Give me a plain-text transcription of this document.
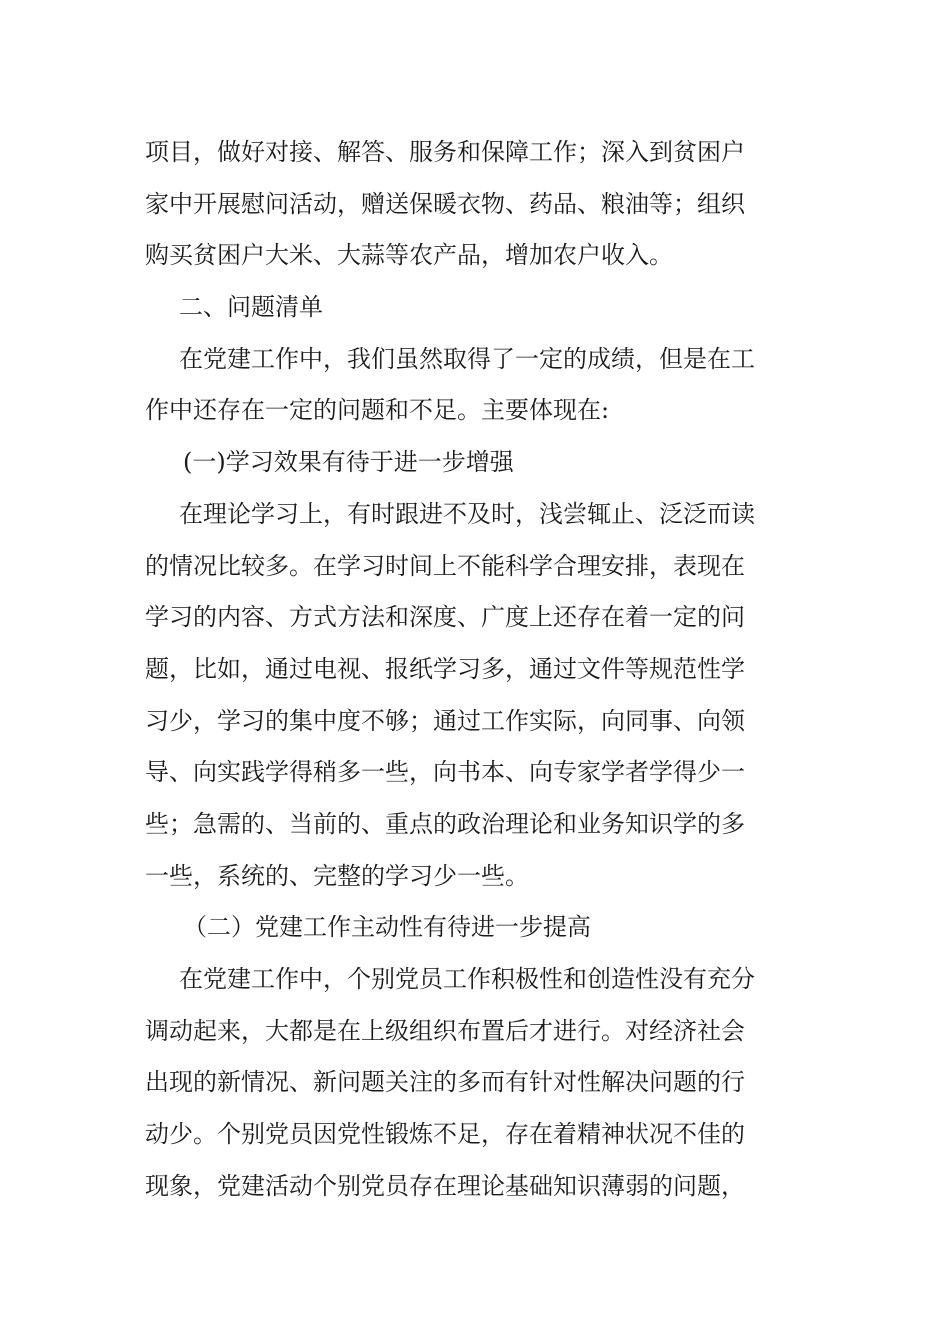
项目，做好对接、解答、服务和保障工作；深入到贫困户
家中开展慰问活动，赠送保暖衣物、药品、粮油等；组织
购买贫困户大米、大蒜等农产品，增加农户收入。
二、问题清单
在党建工作中，我们虽然取得了一定的成绩，但是在工
作中还存在一定的问题和不足。主要体现在:
(一)学习效果有待于进一步增强
在理论学习上，有时跟进不及时，浅尝辄止、泛泛而读
的情况比较多。在学习时间上不能科学合理安排，表现在
学习的内容、方式方法和深度、广度上还存在着一定的问
题，比如，通过电视、报纸学习多，通过文件等规范性学
习少，学习的集中度不够；通过工作实际，向同事、向领
导、向实践学得稍多一些，向书本、向专家学者学得少一
些；急需的、当前的、重点的政治理论和业务知识学的多
一些，系统的、完整的学习少一些。
（二）党建工作主动性有待进一步提高
在党建工作中，个别党员工作积极性和创造性没有充分
调动起来，大都是在上级组织布置后才进行。对经济社会
出现的新情况、新问题关注的多而有针对性解决问题的行
动少。个别党员因党性锻炼不足，存在着精神状况不佳的
现象，党建活动个别党员存在理论基础知识薄弱的问题，
